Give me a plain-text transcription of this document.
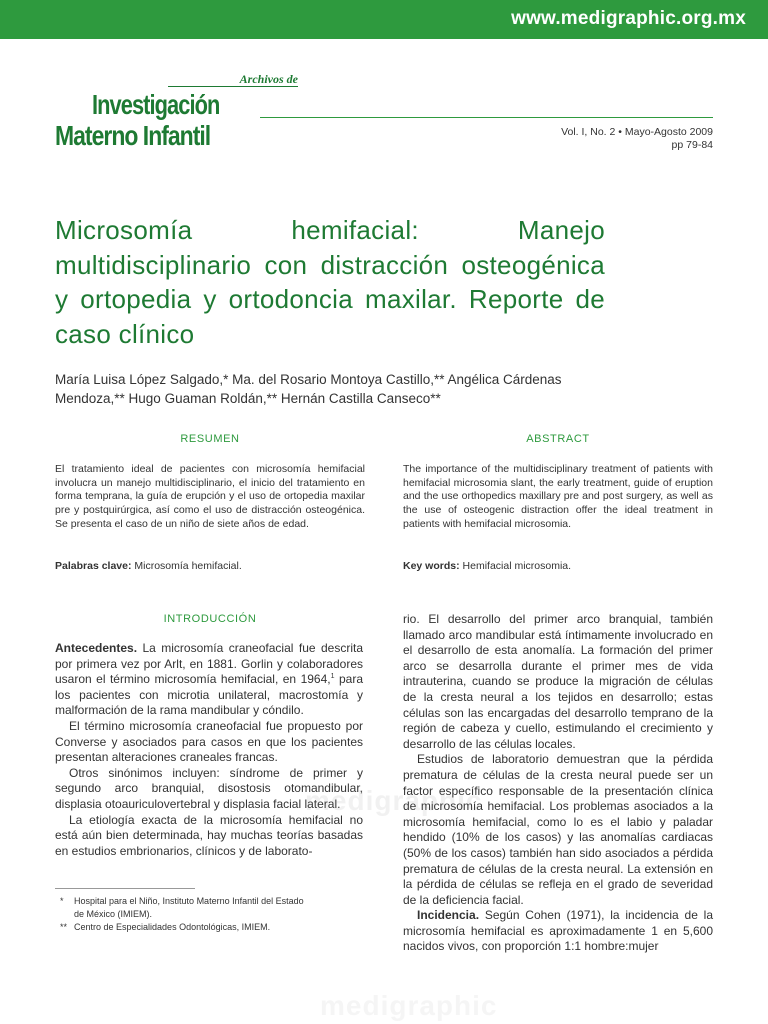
www.medigraphic.org.mx
Archivos de
Investigación
Materno Infantil	Vol. I, No. 2 • Mayo-Agosto 2009
pp 79-84
Microsomía hemifacial: Manejo multidisciplinario con distracción osteogénica y ortopedia y ortodoncia maxilar. Reporte de caso clínico
María Luisa López Salgado,* Ma. del Rosario Montoya Castillo,** Angélica Cárdenas
Mendoza,** Hugo Guaman Roldán,** Hernán Castilla Canseco**
RESUMEN

El tratamiento ideal de pacientes con microsomía hemifacial involucra un manejo multidisciplinario, el inicio del tratamiento en forma temprana, la guía de erupción y el uso de ortopedia maxilar pre y postquirúrgica, así como el uso de distracción osteogénica. Se presenta el caso de un niño de siete años de edad.

Palabras clave: Microsomía hemifacial.

ABSTRACT

The importance of the multidisciplinary treatment of patients with hemifacial microsomia slant, the early treatment, guide of eruption and the use orthopedics maxillary pre and post surgery, as well as the use of osteogenic distraction offer the ideal treatment in patients with hemifacial microsomia.

Key words: Hemifacial microsomia.

INTRODUCCIÓN

Antecedentes. La microsomía craneofacial fue descrita por primera vez por Arlt, en 1881. Gorlin y colaboradores usaron el término microsomía hemifacial, en 1964,$^1$ para los pacientes con microtia unilateral, macrostomía y malformación de la rama mandibular y cóndilo.

El término microsomía craneofacial fue propuesto por Converse y asociados para casos en que los pacientes presentan alteraciones craneales francas.

Otros sinónimos incluyen: síndrome de primer y segundo arco branquial, disostosis otomandibular, displasia otoauriculovertebral y displasia facial lateral.

La etiología exacta de la microsomía hemifacial no está aún bien determinada, hay muchas teorías basadas en estudios embrionarios, clínicos y de laborato-

rio. El desarrollo del primer arco branquial, también llamado arco mandibular está íntimamente involucrado en el desarrollo de esta anomalía. La formación del primer arco se desarrolla durante el primer mes de vida intrauterina, cuando se produce la migración de células de la cresta neural a los tejidos en desarrollo; estas células son las encargadas del desarrollo temprano de la región de cabeza y cuello, estimulando el crecimiento y desarrollo de las células locales.

Estudios de laboratorio demuestran que la pérdida prematura de células de la cresta neural puede ser un factor específico responsable de la presentación clínica de microsomía hemifacial. Los problemas asociados a la microsomía hemifacial, como lo es el labio y paladar hendido (10% de los casos) y las anomalías cardiacas (50% de los casos) también han sido asociados a pérdida prematura de células de la cresta neural. La extensión en la pérdida de células se refleja en el grado de severidad de la deficiencia facial.

Incidencia. Según Cohen (1971), la incidencia de la microsomía hemifacial es aproximadamente 1 en 5,600 nacidos vivos, con proporción 1:1 hombre:mujer

* Hospital para el Niño, Instituto Materno Infantil del Estado

de México (IMIEM).

** Centro de Especialidades Odontológicas, IMIEM.

medigraphic
medigraphic
